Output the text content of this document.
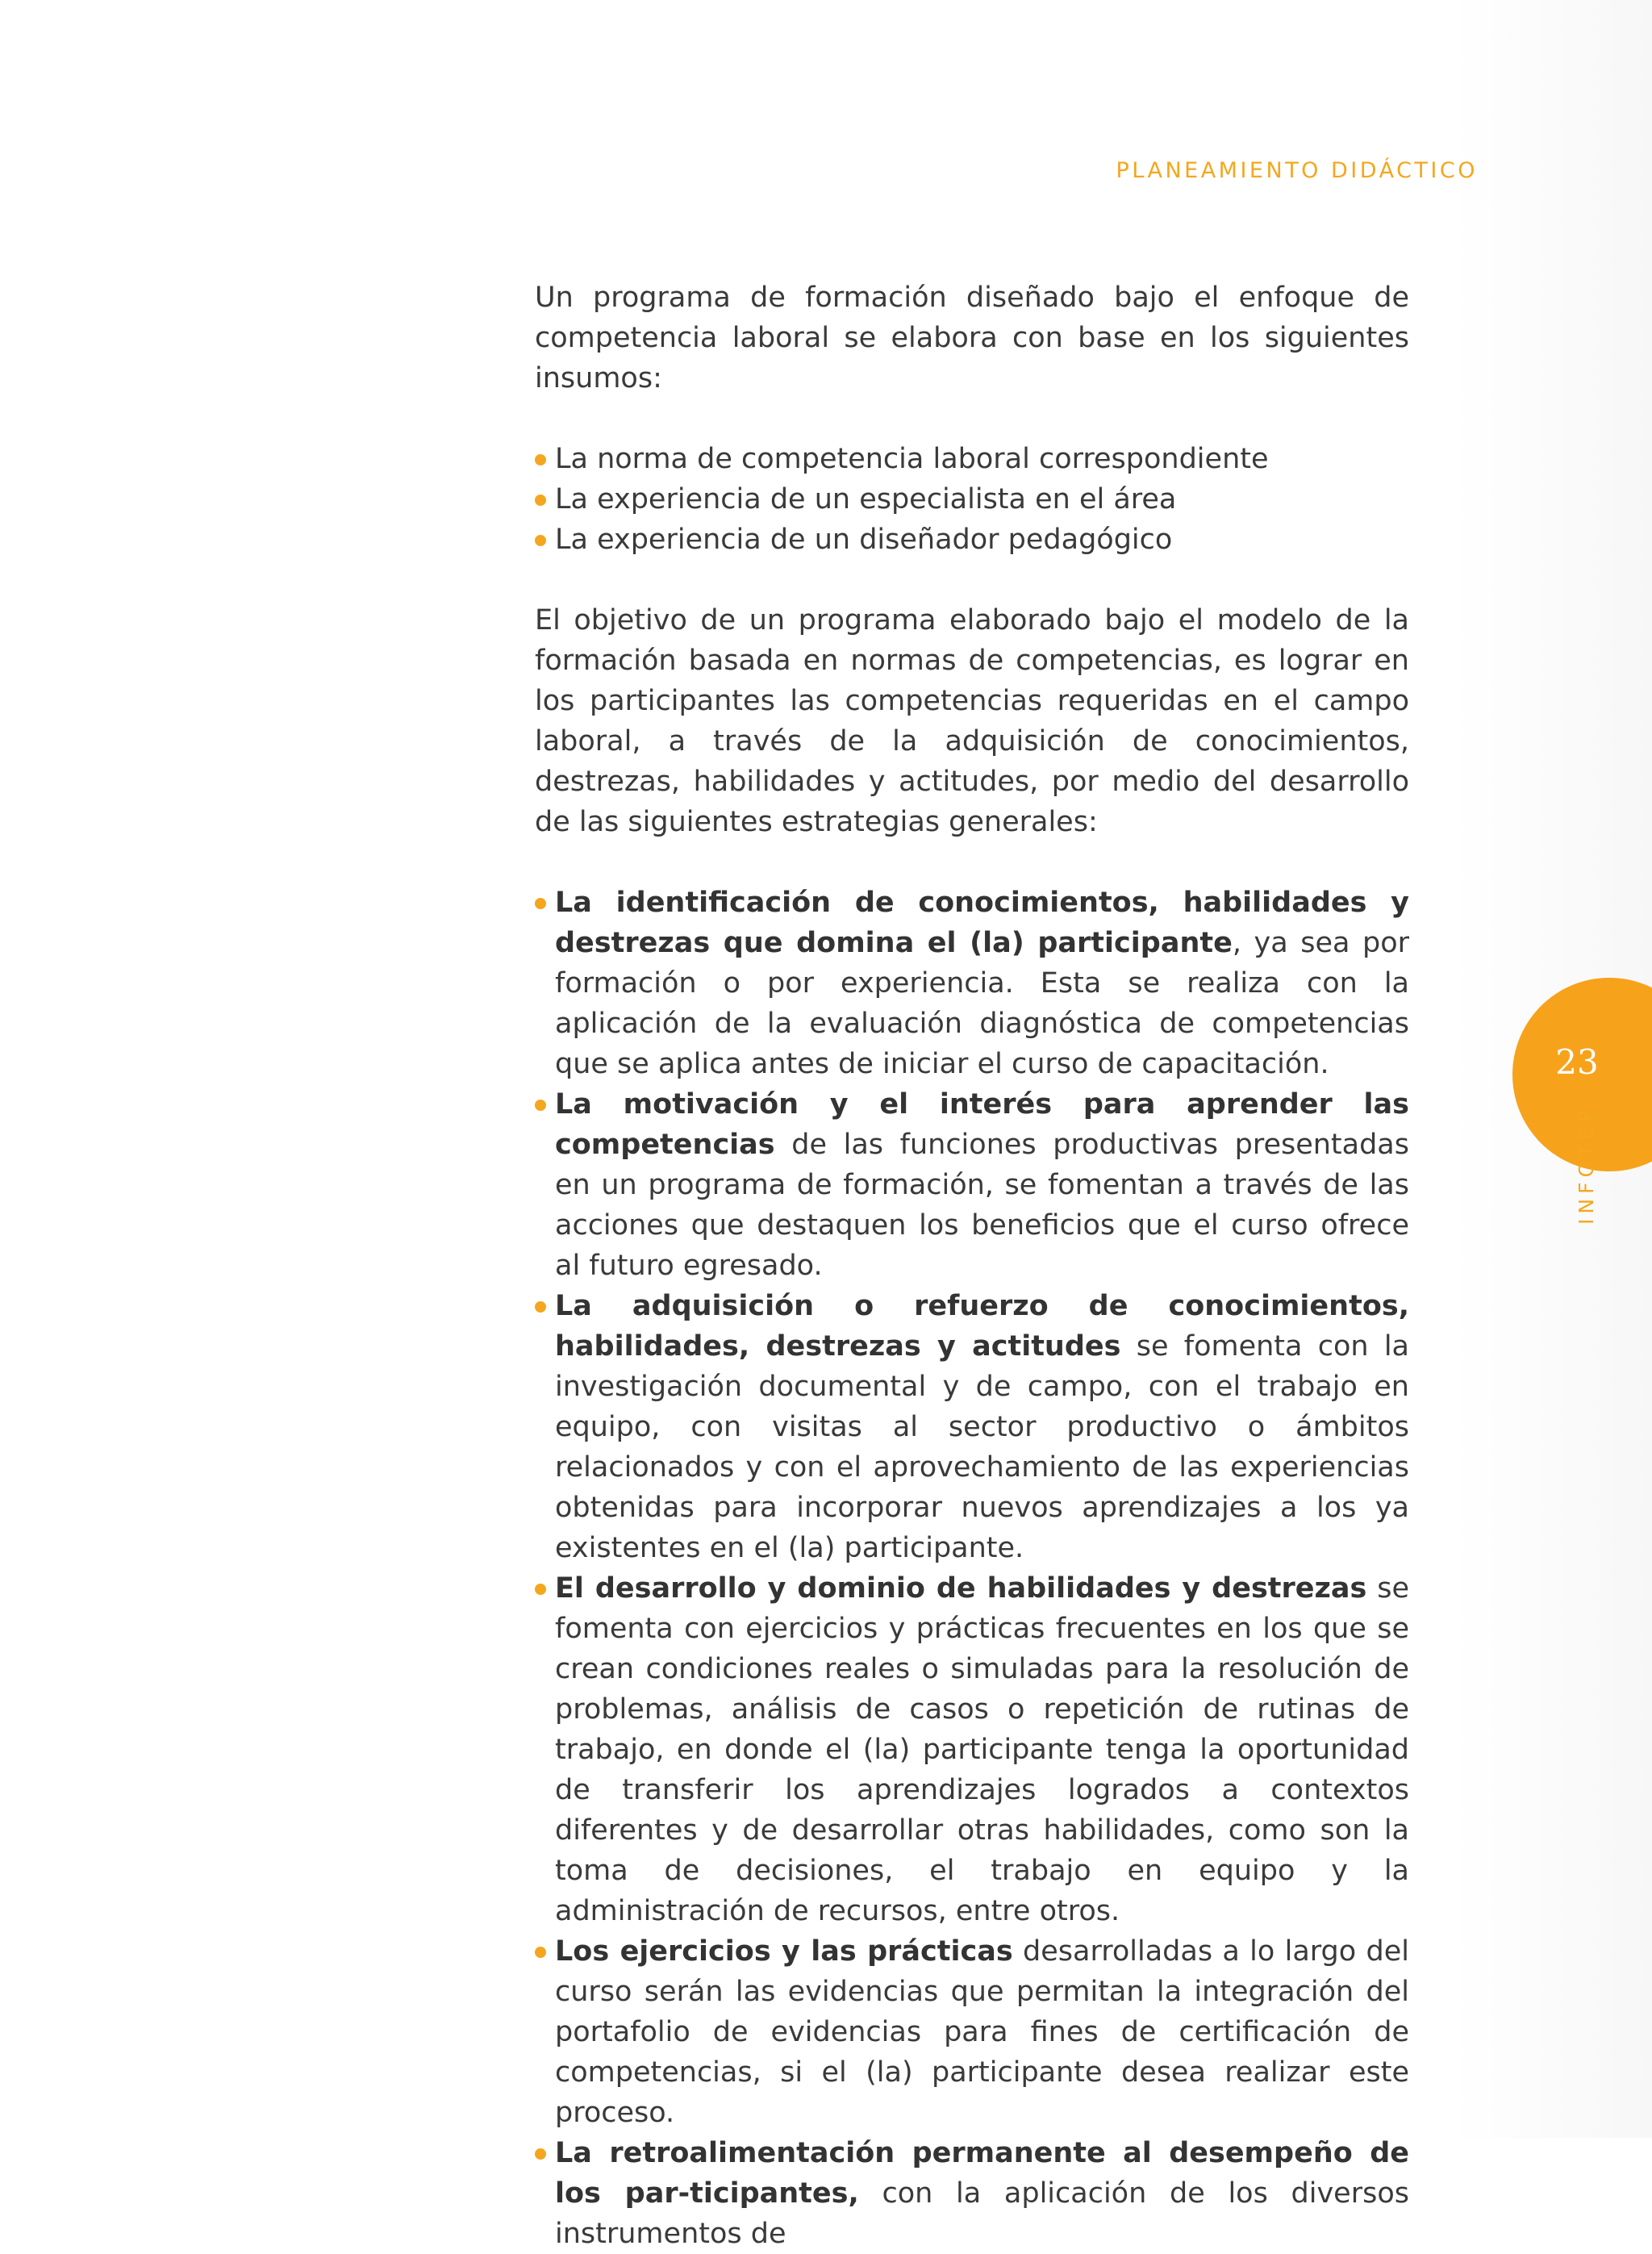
PLANEAMIENTO DIDÁCTICO

Un programa de formación diseñado bajo el enfoque de competencia laboral se elabora con base en los siguientes insumos:

La norma de competencia laboral correspondiente
La experiencia de un especialista en el área
La experiencia de un diseñador pedagógico

El objetivo de un programa elaborado bajo el modelo de la formación basada en normas de competencias, es lograr en los participantes las competencias requeridas en el campo laboral, a través de la adquisición de conocimientos, destrezas, habilidades y actitudes, por medio del desarrollo de las siguientes estrategias generales:

La identificación de conocimientos, habilidades y destrezas que domina el (la) participante, ya sea por formación o por experiencia. Esta se realiza con la aplicación de la evaluación diagnóstica de competencias que se aplica antes de iniciar el curso de capacitación.
La motivación y el interés para aprender las competencias de las funciones productivas presentadas en un programa de formación, se fomentan a través de las acciones que destaquen los beneficios que el curso ofrece al futuro egresado.
La adquisición o refuerzo de conocimientos, habilidades, destrezas y actitudes se fomenta con la investigación documental y de campo, con el trabajo en equipo, con visitas al sector productivo o ámbitos relacionados y con el aprovechamiento de las experiencias obtenidas para incorporar nuevos aprendizajes a los ya existentes en el (la) participante.
El desarrollo y dominio de habilidades y destrezas se fomenta con ejercicios y prácticas frecuentes en los que se crean condiciones reales o simuladas para la resolución de problemas, análisis de casos o repetición de rutinas de trabajo, en donde el (la) participante tenga la oportunidad de transferir los aprendizajes logrados a contextos diferentes y de desarrollar otras habilidades, como son la toma de decisiones, el trabajo en equipo y la administración de recursos, entre otros.
Los ejercicios y las prácticas desarrolladas a lo largo del curso serán las evidencias que permitan la integración del portafolio de evidencias para fines de certificación de competencias, si el (la) participante desea realizar este proceso.
La retroalimentación permanente al desempeño de los par-ticipantes, con la aplicación de los diversos instrumentos de
23
INFOTEP
